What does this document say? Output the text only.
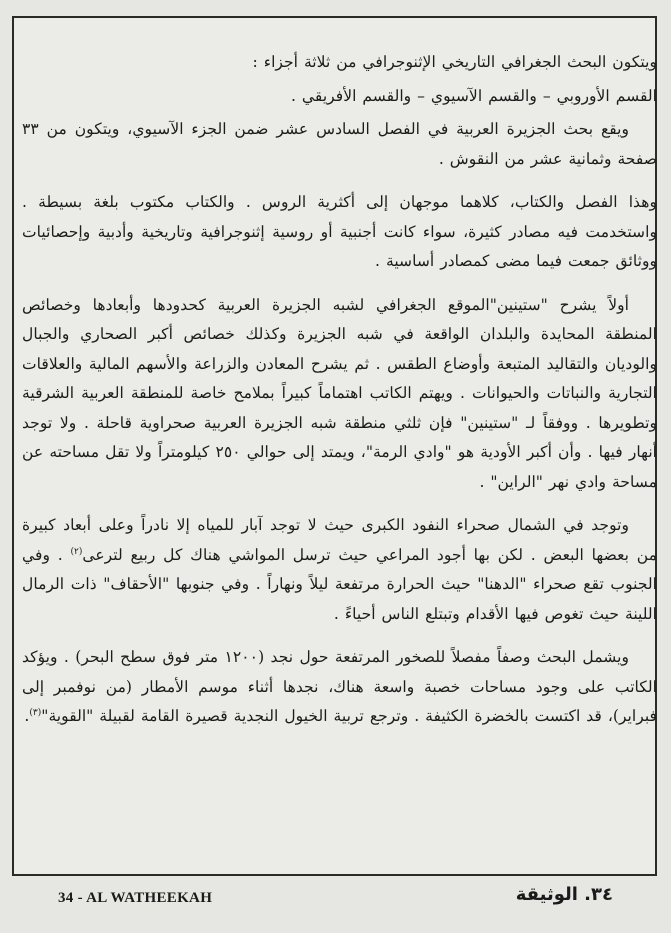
ويتكون البحث الجغرافي التاريخي الإثنوجرافي من ثلاثة أجزاء :

القسم الأوروبي – والقسم الآسيوي – والقسم الأفريقي .

ويقع بحث الجزيرة العربية في الفصل السادس عشر ضمن الجزء الآسيوي، ويتكون من ٣٣ صفحة وثمانية عشر من النقوش .

وهذا الفصل والكتاب، كلاهما موجهان إلى أكثرية الروس . والكتاب مكتوب بلغة بسيطة . واستخدمت فيه مصادر كثيرة، سواء كانت أجنبية أو روسية إثنوجرافية وتاريخية وأدبية وإحصائيات ووثائق جمعت فيما مضى كمصادر أساسية .

أولاً يشرح "ستينين"الموقع الجغرافي لشبه الجزيرة العربية كحدودها وأبعادها وخصائص المنطقة المحايدة والبلدان الواقعة في شبه الجزيرة وكذلك خصائص أكبر الصحاري والجبال والوديان والتقاليد المتبعة وأوضاع الطقس . ثم يشرح المعادن والزراعة والأسهم المالية والعلاقات التجارية والنباتات والحيوانات . ويهتم الكاتب اهتماماً كبيراً بملامح خاصة للمنطقة العربية الشرقية وتطويرها . ووفقاً لـ "ستينين" فإن ثلثي منطقة شبه الجزيرة العربية صحراوية قاحلة . ولا توجد أنهار فيها . وأن أكبر الأودية هو "وادي الرمة"، ويمتد إلى حوالي ٢٥٠ كيلومتراً ولا تقل مساحته عن مساحة وادي نهر "الراين" .

وتوجد في الشمال صحراء النفود الكبرى حيث لا توجد آبار للمياه إلا نادراً وعلى أبعاد كبيرة من بعضها البعض . لكن بها أجود المراعي حيث ترسل المواشي هناك كل ربيع لترعى$^{(٢)}$ . وفي الجنوب تقع صحراء "الدهنا" حيث الحرارة مرتفعة ليلاً ونهاراً . وفي جنوبها "الأحقاف" ذات الرمال اللينة حيث تغوص فيها الأقدام وتبتلع الناس أحياءً .

ويشمل البحث وصفاً مفصلاً للصخور المرتفعة حول نجد (١٢٠٠ متر فوق سطح البحر) . ويؤكد الكاتب على وجود مساحات خصبة واسعة هناك، نجدها أثناء موسم الأمطار (من نوفمبر إلى فبراير)، قد اكتست بالخضرة الكثيفة . وترجع تربية الخيول النجدية قصيرة القامة لقبيلة "القوية"$^{(٣)}$.

34 - AL WATHEEKAH	٣٤. الوثيقة
